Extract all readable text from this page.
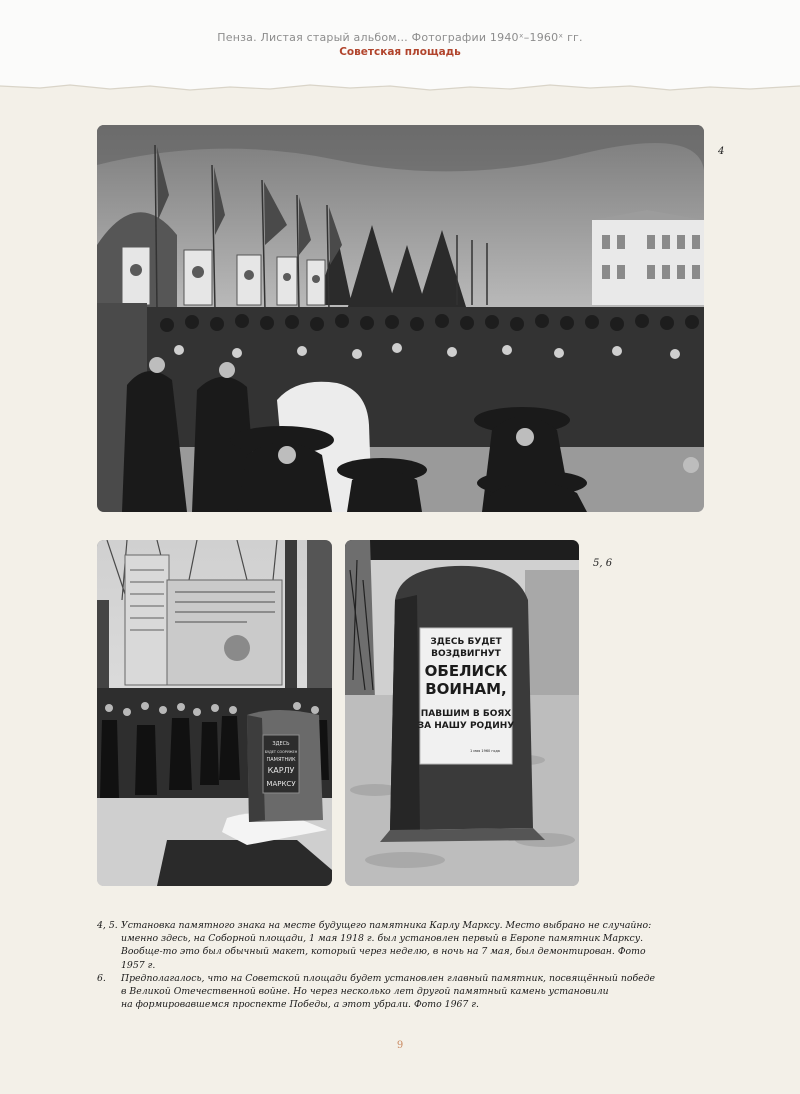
Пенза. Листая старый альбом… Фотографии 1940ˣ–1960ˣ гг.
Советская площадь
4
ЗДЕСЬ
БУДЕТ СООРУЖЕН
ПАМЯТНИК
КАРЛУ
МАРКСУ
ЗДЕСЬ БУДЕТ
ВОЗДВИГНУТ
ОБЕЛИСК
ВОИНАМ,
ПАВШИМ В БОЯХ
ЗА НАШУ РОДИНУ
1 мая 1960 года
5, 6
4, 5. Установка памятного знака на месте будущего памятника Карлу Марксу. Место выбрано не случайно:
именно здесь, на Соборной площади, 1 мая 1918 г. был установлен первый в Европе памятник Марксу.
Вообще-то это был обычный макет, который через неделю, в ночь на 7 мая, был демонтирован. Фото 1957 г.
6.	Предполагалось, что на Советской площади будет установлен главный памятник, посвящённый победе
в Великой Отечественной войне. Но через несколько лет другой памятный камень установили
на формировавшемся проспекте Победы, а этот убрали. Фото 1967 г.
9
